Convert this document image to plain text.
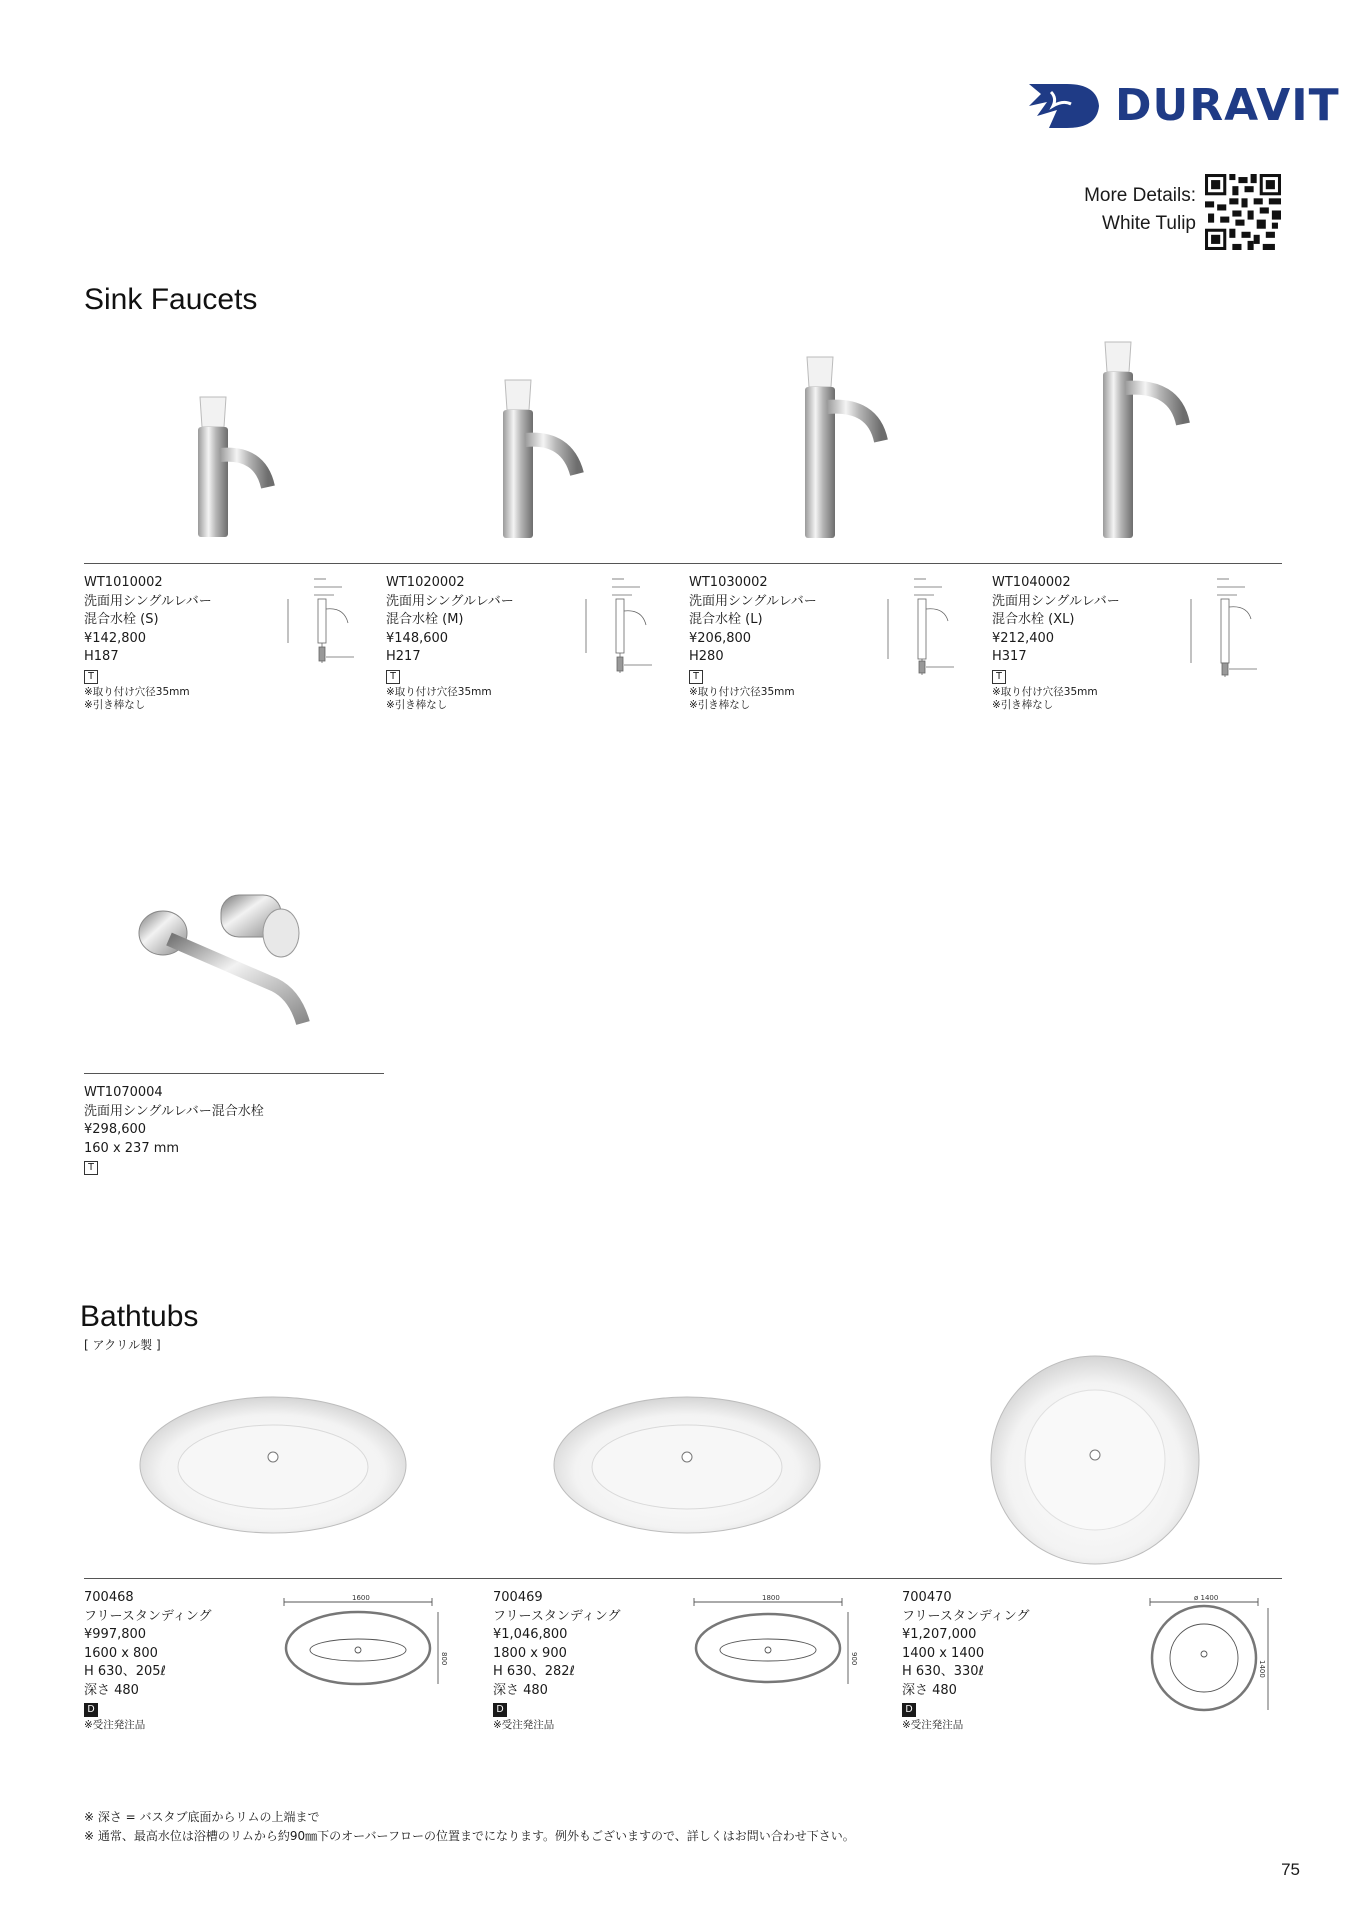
DURAVIT
More Details:
White Tulip
Sink Faucets
WT1010002
洗面用シングルレバー
混合水栓 (S)
¥142,800
H187
T
※取り付け穴径35mm
※引き棒なし
WT1020002
洗面用シングルレバー
混合水栓 (M)
¥148,600
H217
T
※取り付け穴径35mm
※引き棒なし
WT1030002
洗面用シングルレバー
混合水栓 (L)
¥206,800
H280
T
※取り付け穴径35mm
※引き棒なし
WT1040002
洗面用シングルレバー
混合水栓 (XL)
¥212,400
H317
T
※取り付け穴径35mm
※引き棒なし
WT1070004
洗面用シングルレバー混合水栓
¥298,600
160 x 237 mm
T
Bathtubs
[ アクリル製 ]
700468
フリースタンディング
¥997,800
1600 x 800
H 630、205ℓ
深さ 480
D
※受注発注品
700469
フリースタンディング
¥1,046,800
1800 x 900
H 630、282ℓ
深さ 480
D
※受注発注品
700470
フリースタンディング
¥1,207,000
1400 x 1400
H 630、330ℓ
深さ 480
D
※受注発注品
1600
800
1800
900
ø 1400
1400
※ 深さ = バスタブ底面からリムの上端まで
※ 通常、最高水位は浴槽のリムから約90㎜下のオーバーフローの位置までになります。例外もございますので、詳しくはお問い合わせ下さい。
75
